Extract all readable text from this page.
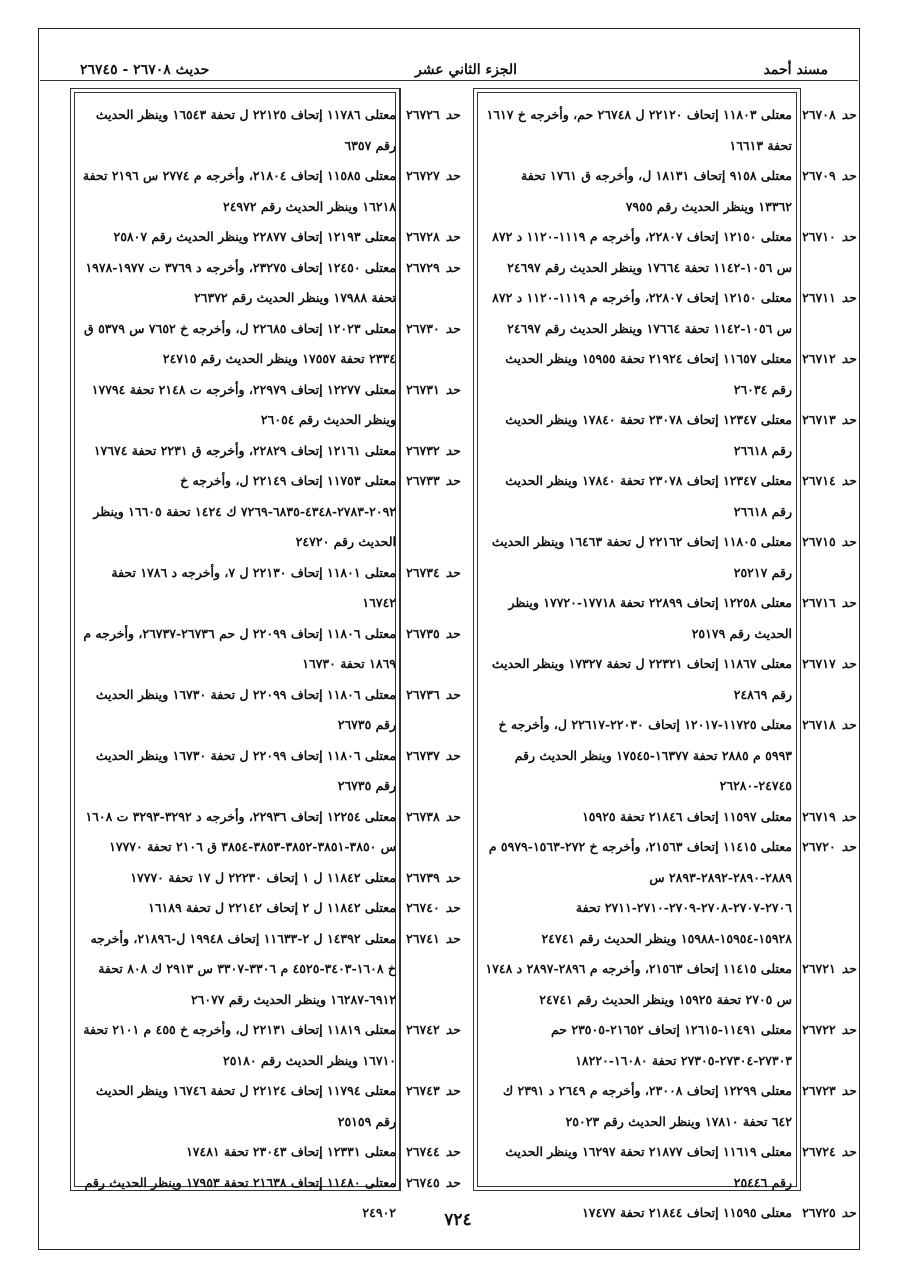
مسند أحمد
الجزء الثاني عشر
حديث ٢٦٧٠٨ - ٢٦٧٤٥
حد٢٦٧٠٨
معتلى ١١٨٠٣ إتحاف ٢٢١٢٠ ل ٢٦٧٤٨ حم، وأخرجه خ ١٦١٧ تحفة ١٦٦١٣
حد٢٦٧٠٩
معتلى ٩١٥٨ إتحاف ١٨١٣١ ل، وأخرجه ق ١٧٦١ تحفة ١٣٣٦٢ وينظر الحديث رقم ٧٩٥٥
حد٢٦٧١٠
معتلى ١٢١٥٠ إتحاف ٢٢٨٠٧، وأخرجه م ١١١٩-١١٢٠ د ٨٧٢ س ١٠٥٦-١١٤٢ تحفة ١٧٦٦٤ وينظر الحديث رقم ٢٤٦٩٧
حد٢٦٧١١
معتلى ١٢١٥٠ إتحاف ٢٢٨٠٧، وأخرجه م ١١١٩-١١٢٠ د ٨٧٢ س ١٠٥٦-١١٤٢ تحفة ١٧٦٦٤ وينظر الحديث رقم ٢٤٦٩٧
حد٢٦٧١٢
معتلى ١١٦٥٧ إتحاف ٢١٩٢٤ تحفة ١٥٩٥٥ وينظر الحديث رقم ٢٦٠٣٤
حد٢٦٧١٣
معتلى ١٢٣٤٧ إتحاف ٢٣٠٧٨ تحفة ١٧٨٤٠ وينظر الحديث رقم ٢٦٦١٨
حد٢٦٧١٤
معتلى ١٢٣٤٧ إتحاف ٢٣٠٧٨ تحفة ١٧٨٤٠ وينظر الحديث رقم ٢٦٦١٨
حد٢٦٧١٥
معتلى ١١٨٠٥ إتحاف ٢٢١٦٢ ل تحفة ١٦٤٦٣ وينظر الحديث رقم ٢٥٢١٧
حد٢٦٧١٦
معتلى ١٢٢٥٨ إتحاف ٢٢٨٩٩ تحفة ١٧٧١٨-١٧٧٢٠ وينظر الحديث رقم ٢٥١٧٩
حد٢٦٧١٧
معتلى ١١٨٦٧ إتحاف ٢٢٣٢١ ل تحفة ١٧٣٢٧ وينظر الحديث رقم ٢٤٨٦٩
حد٢٦٧١٨
معتلى ١١٧٢٥-١٢٠١٧ إتحاف ٢٢٠٣٠-٢٢٦١٧ ل، وأخرجه خ ٥٩٩٣ م ٢٨٨٥ تحفة ١٦٣٧٧-١٧٥٤٥ وينظر الحديث رقم ٢٤٧٤٥-٢٦٢٨٠
حد٢٦٧١٩
معتلى ١١٥٩٧ إتحاف ٢١٨٤٦ تحفة ١٥٩٢٥
حد٢٦٧٢٠
معتلى ١١٤١٥ إتحاف ٢١٥٦٣، وأخرجه خ ٢٧٢-١٥٦٣-٥٩٧٩ م ٢٨٨٩-٢٨٩٠-٢٨٩٢-٢٨٩٣ س ٢٧٠٦-٢٧٠٧-٢٧٠٨-٢٧٠٩-٢٧١٠-٢٧١١ تحفة ١٥٩٢٨-١٥٩٥٤-١٥٩٨٨ وينظر الحديث رقم ٢٤٧٤١
حد٢٦٧٢١
معتلى ١١٤١٥ إتحاف ٢١٥٦٣، وأخرجه م ٢٨٩٦-٢٨٩٧ د ١٧٤٨ س ٢٧٠٥ تحفة ١٥٩٢٥ وينظر الحديث رقم ٢٤٧٤١
حد٢٦٧٢٢
معتلى ١١٤٩١-١٢٦١٥ إتحاف ٢١٦٥٢-٢٣٥٠٥ حم ٢٧٣٠٣-٢٧٣٠٤-٢٧٣٠٥ تحفة ١٦٠٨٠-١٨٢٢٠
حد٢٦٧٢٣
معتلى ١٢٢٩٩ إتحاف ٢٣٠٠٨، وأخرجه م ٢٦٤٩ د ٢٣٩١ ك ٦٤٢ تحفة ١٧٨١٠ وينظر الحديث رقم ٢٥٠٢٣
حد٢٦٧٢٤
معتلى ١١٦١٩ إتحاف ٢١٨٧٧ تحفة ١٦٢٩٧ وينظر الحديث رقم ٢٥٤٤٦
حد٢٦٧٢٥
معتلى ١١٥٩٥ إتحاف ٢١٨٤٤ تحفة ١٧٤٧٧
حد٢٦٧٢٦
معتلى ١١٧٨٦ إتحاف ٢٢١٢٥ ل تحفة ١٦٥٤٣ وينظر الحديث رقم ٦٣٥٧
حد٢٦٧٢٧
معتلى ١١٥٨٥ إتحاف ٢١٨٠٤، وأخرجه م ٢٧٧٤ س ٢١٩٦ تحفة ١٦٢١٨ وينظر الحديث رقم ٢٤٩٧٢
حد٢٦٧٢٨
معتلى ١٢١٩٣ إتحاف ٢٢٨٧٧ وينظر الحديث رقم ٢٥٨٠٧
حد٢٦٧٢٩
معتلى ١٢٤٥٠ إتحاف ٢٣٢٧٥، وأخرجه د ٣٧٦٩ ت ١٩٧٧-١٩٧٨ تحفة ١٧٩٨٨ وينظر الحديث رقم ٢٦٣٧٢
حد٢٦٧٣٠
معتلى ١٢٠٢٣ إتحاف ٢٢٦٨٥ ل، وأخرجه خ ٧٦٥٢ س ٥٣٧٩ ق ٢٣٣٤ تحفة ١٧٥٥٧ وينظر الحديث رقم ٢٤٧١٥
حد٢٦٧٣١
معتلى ١٢٢٧٧ إتحاف ٢٢٩٧٩، وأخرجه ت ٢١٤٨ تحفة ١٧٧٩٤ وينظر الحديث رقم ٢٦٠٥٤
حد٢٦٧٣٢
معتلى ١٢١٦١ إتحاف ٢٢٨٢٩، وأخرجه ق ٢٢٣١ تحفة ١٧٦٧٤
حد٢٦٧٣٣
معتلى ١١٧٥٣ إتحاف ٢٢١٤٩ ل، وأخرجه خ ٢٠٩٢-٢٧٨٣-٤٣٤٨-٦٨٣٥-٧٢٦٩ ك ١٤٢٤ تحفة ١٦٦٠٥ وينظر الحديث رقم ٢٤٧٢٠
حد٢٦٧٣٤
معتلى ١١٨٠١ إتحاف ٢٢١٣٠ ل ٧، وأخرجه د ١٧٨٦ تحفة ١٦٧٤٢
حد٢٦٧٣٥
معتلى ١١٨٠٦ إتحاف ٢٢٠٩٩ ل حم ٢٦٧٣٦-٢٦٧٣٧، وأخرجه م ١٨٦٩ تحفة ١٦٧٣٠
حد٢٦٧٣٦
معتلى ١١٨٠٦ إتحاف ٢٢٠٩٩ ل تحفة ١٦٧٣٠ وينظر الحديث رقم ٢٦٧٣٥
حد٢٦٧٣٧
معتلى ١١٨٠٦ إتحاف ٢٢٠٩٩ ل تحفة ١٦٧٣٠ وينظر الحديث رقم ٢٦٧٣٥
حد٢٦٧٣٨
معتلى ١٢٢٥٤ إتحاف ٢٢٩٣٦، وأخرجه د ٣٢٩٢-٣٢٩٣ ت ١٦٠٨ س ٣٨٥٠-٣٨٥١-٣٨٥٢-٣٨٥٣-٣٨٥٤ ق ٢١٠٦ تحفة ١٧٧٧٠
حد٢٦٧٣٩
معتلى ١١٨٤٢ ل ١ إتحاف ٢٢٢٣٠ ل ١٧ تحفة ١٧٧٧٠
حد٢٦٧٤٠
معتلى ١١٨٤٢ ل ٢ إتحاف ٢٢١٤٢ ل تحفة ١٦١٨٩
حد٢٦٧٤١
معتلى ١٤٣٩٢ ل ٢-١١٦٣٣ إتحاف ١٩٩٤٨ ل-٢١٨٩٦، وأخرجه خ ١٦٠٨-٣٤٠٣-٤٥٢٥ م ٣٣٠٦-٣٣٠٧ س ٢٩١٣ ك ٨٠٨ تحفة ٦٩١٢-١٦٢٨٧ وينظر الحديث رقم ٢٦٠٧٧
حد٢٦٧٤٢
معتلى ١١٨١٩ إتحاف ٢٢١٣١ ل، وأخرجه خ ٤٥٥ م ٢١٠١ تحفة ١٦٧١٠ وينظر الحديث رقم ٢٥١٨٠
حد٢٦٧٤٣
معتلى ١١٧٩٤ إتحاف ٢٢١٢٤ ل تحفة ١٦٧٤٦ وينظر الحديث رقم ٢٥١٥٩
حد٢٦٧٤٤
معتلى ١٢٣٣١ إتحاف ٢٣٠٤٣ تحفة ١٧٤٨١
حد٢٦٧٤٥
معتلى ١١٤٨٠ إتحاف ٢١٦٣٨ تحفة ١٧٩٥٣ وينظر الحديث رقم ٢٤٩٠٢	٧٢٤
